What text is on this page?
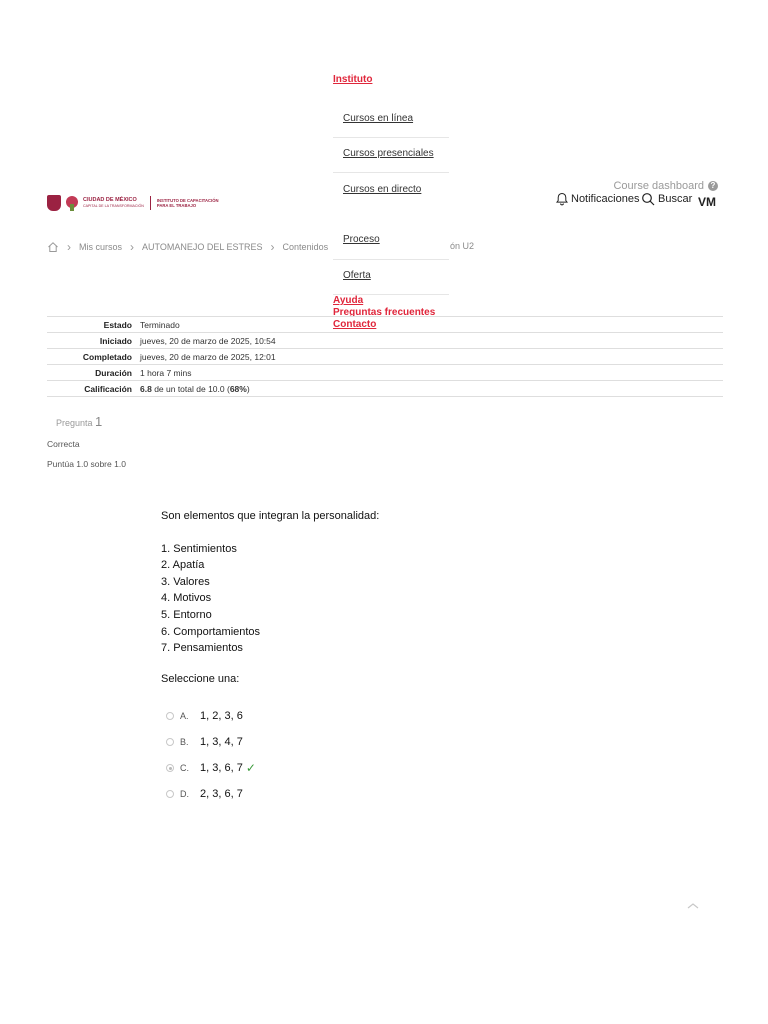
CIUDAD DE MÉXICO
CAPITAL DE LA TRANSFORMACIÓN
INSTITUTO DE CAPACITACIÓN
PARA EL TRABAJO
Course dashboard ?
Notificaciones Buscar VM
› Mis cursos › AUTOMANEJO DEL ESTRES › Contenidos	ón U2
Instituto
Cursos en línea
Cursos presenciales
Cursos en directo
Proceso
Oferta
Ayuda
Preguntas frecuentes
Contacto
Estado Terminado
Iniciado jueves, 20 de marzo de 2025, 10:54
Completado jueves, 20 de marzo de 2025, 12:01
Duración 1 hora 7 mins
Calificación 6.8 de un total de 10.0 (68%)
Pregunta 1
Correcta
Puntúa 1.0 sobre 1.0
Son elementos que integran la personalidad:
1. Sentimientos
2. Apatía
3. Valores
4. Motivos
5. Entorno
6. Comportamientos
7. Pensamientos
Seleccione una:
A.	1, 2, 3, 6
B.	1, 3, 4, 7
C.	1, 3, 6, 7 ✓
D.	2, 3, 6, 7
